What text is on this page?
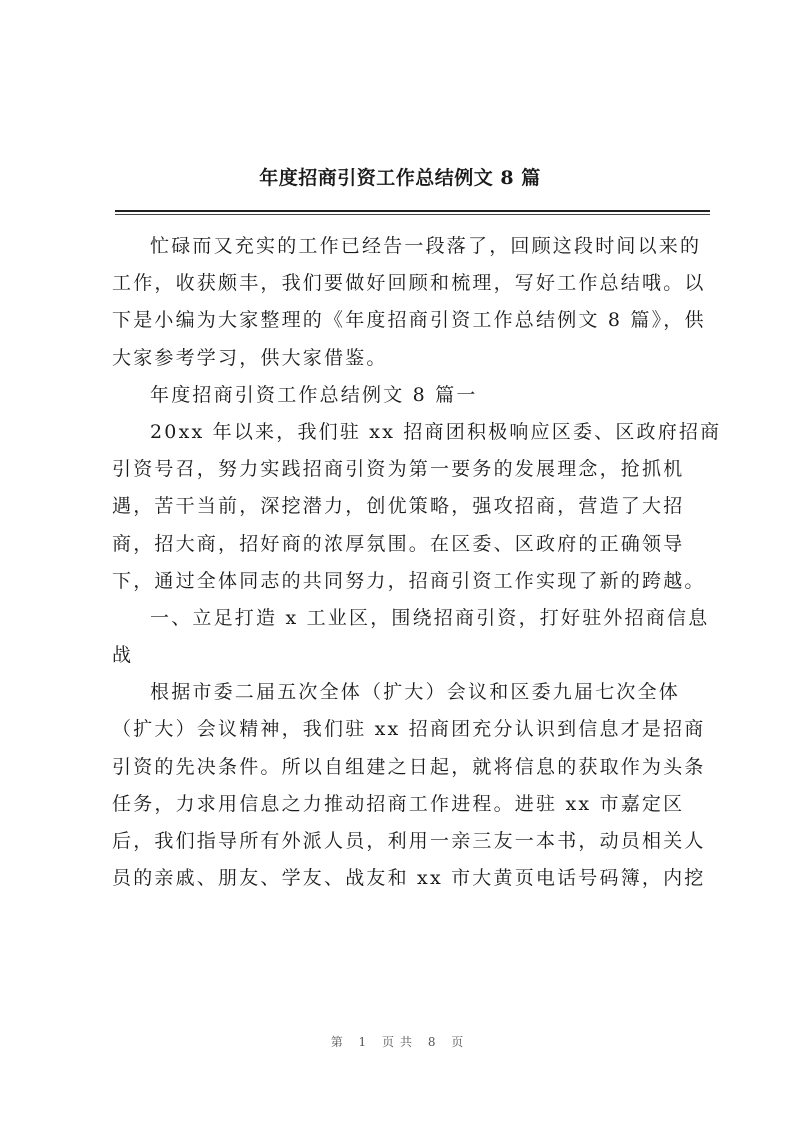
年度招商引资工作总结例文 8 篇
忙碌而又充实的工作已经告一段落了，回顾这段时间以来的
工作，收获颇丰，我们要做好回顾和梳理，写好工作总结哦。以
下是小编为大家整理的《年度招商引资工作总结例文 8 篇》，供
大家参考学习，供大家借鉴。
年度招商引资工作总结例文 8 篇一
20xx 年以来，我们驻 xx 招商团积极响应区委、区政府招商
引资号召，努力实践招商引资为第一要务的发展理念，抢抓机
遇，苦干当前，深挖潜力，创优策略，强攻招商，营造了大招
商，招大商，招好商的浓厚氛围。在区委、区政府的正确领导
下，通过全体同志的共同努力，招商引资工作实现了新的跨越。
一、立足打造 x 工业区，围绕招商引资，打好驻外招商信息
战
根据市委二届五次全体（扩大）会议和区委九届七次全体
（扩大）会议精神，我们驻 xx 招商团充分认识到信息才是招商
引资的先决条件。所以自组建之日起，就将信息的获取作为头条
任务，力求用信息之力推动招商工作进程。进驻 xx 市嘉定区
后，我们指导所有外派人员，利用一亲三友一本书，动员相关人
员的亲戚、朋友、学友、战友和 xx 市大黄页电话号码簿，内挖
第 1 页共 8 页
